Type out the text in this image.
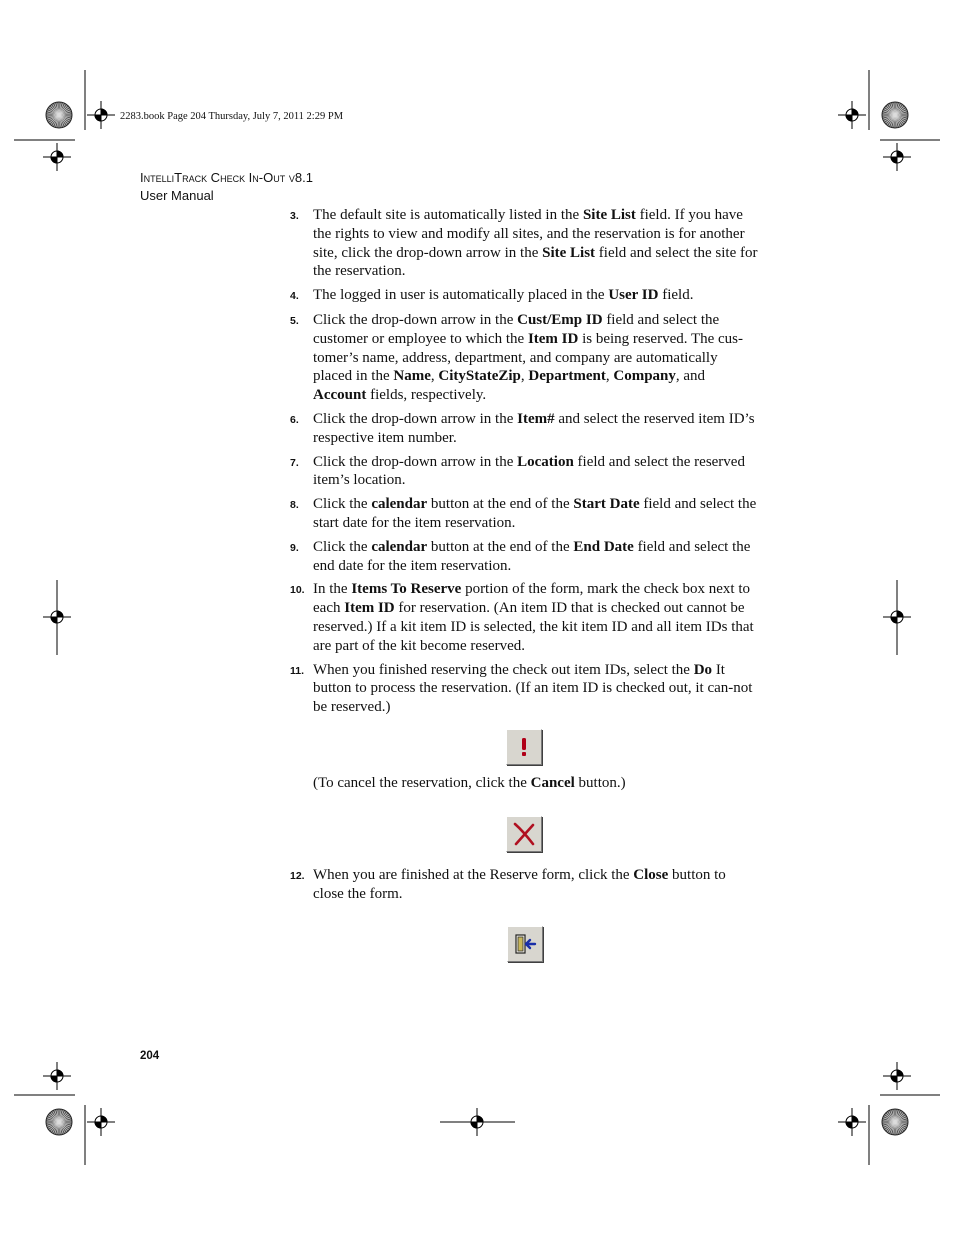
2283.book Page 204 Thursday, July 7, 2011 2:29 PM
IntelliTrack Check In-Out v8.1
User Manual
3. The default site is automatically listed in the Site List field. If you have the rights to view and modify all sites, and the reservation is for another site, click the drop-down arrow in the Site List field and select the site for the reservation.
4. The logged in user is automatically placed in the User ID field.
5. Click the drop-down arrow in the Cust/Emp ID field and select the customer or employee to which the Item ID is being reserved. The cus-tomer’s name, address, department, and company are automatically placed in the Name, CityStateZip, Department, Company, and Account fields, respectively.
6. Click the drop-down arrow in the Item# and select the reserved item ID’s respective item number.
7. Click the drop-down arrow in the Location field and select the reserved item’s location.
8. Click the calendar button at the end of the Start Date field and select the start date for the item reservation.
9. Click the calendar button at the end of the End Date field and select the end date for the item reservation.
10. In the Items To Reserve portion of the form, mark the check box next to each Item ID for reservation. (An item ID that is checked out cannot be reserved.) If a kit item ID is selected, the kit item ID and all item IDs that are part of the kit become reserved.
11. When you finished reserving the check out item IDs, select the Do It button to process the reservation. (If an item ID is checked out, it can-not be reserved.)
(To cancel the reservation, click the Cancel button.)
12. When you are finished at the Reserve form, click the Close button to close the form.
204
